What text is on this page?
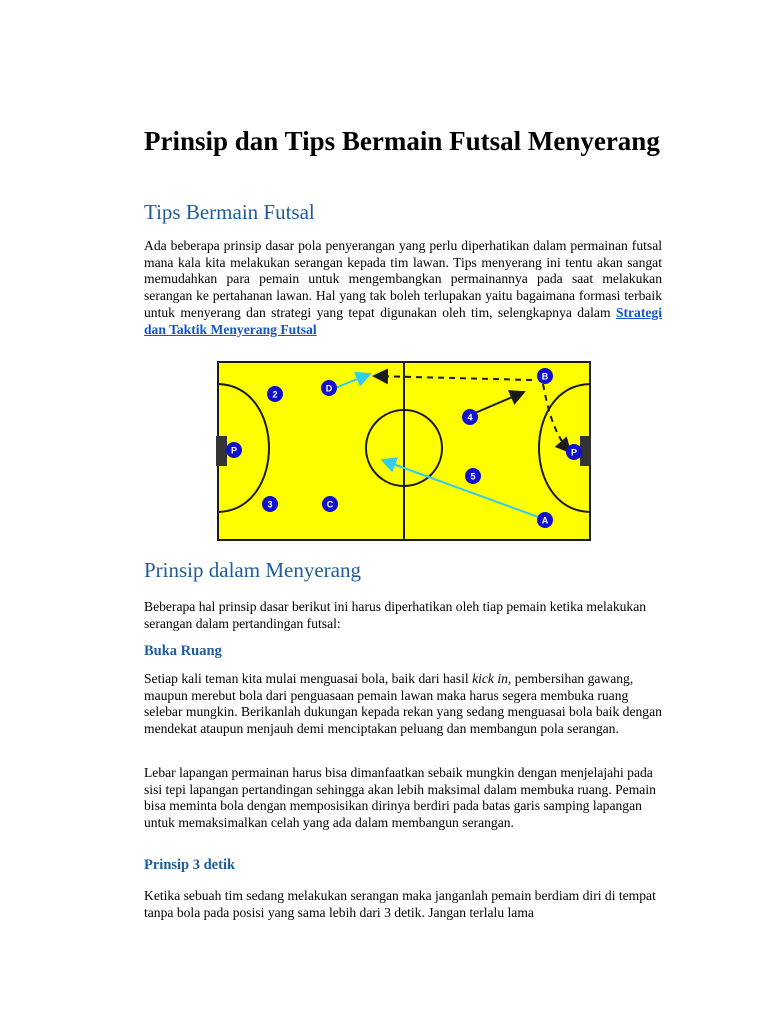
Prinsip dan Tips Bermain Futsal Menyerang
Tips Bermain Futsal

Ada beberapa prinsip dasar pola penyerangan yang perlu diperhatikan dalam permainan futsal mana kala kita melakukan serangan kepada tim lawan. Tips menyerang ini tentu akan sangat memudahkan para pemain untuk mengembangkan permainannya pada saat melakukan serangan ke pertahanan lawan. Hal yang tak boleh terlupakan yaitu bagaimana formasi terbaik untuk menyerang dan strategi yang tepat digunakan oleh tim, selengkapnya dalam Strategi dan Taktik Menyerang Futsal

2
D
B
4
P	P
5
3	C
A
Prinsip dalam Menyerang

Beberapa hal prinsip dasar berikut ini harus diperhatikan oleh tiap pemain ketika melakukan serangan dalam pertandingan futsal:

Buka Ruang

Setiap kali teman kita mulai menguasai bola, baik dari hasil kick in, pembersihan gawang, maupun merebut bola dari penguasaan pemain lawan maka harus segera membuka ruang selebar mungkin. Berikanlah dukungan kepada rekan yang sedang menguasai bola baik dengan mendekat ataupun menjauh demi menciptakan peluang dan membangun pola serangan.

Lebar lapangan permainan harus bisa dimanfaatkan sebaik mungkin dengan menjelajahi pada sisi tepi lapangan pertandingan sehingga akan lebih maksimal dalam membuka ruang. Pemain bisa meminta bola dengan memposisikan dirinya berdiri pada batas garis samping lapangan untuk memaksimalkan celah yang ada dalam membangun serangan.

Prinsip 3 detik

Ketika sebuah tim sedang melakukan serangan maka janganlah pemain berdiam diri di tempat tanpa bola pada posisi yang sama lebih dari 3 detik. Jangan terlalu lama
